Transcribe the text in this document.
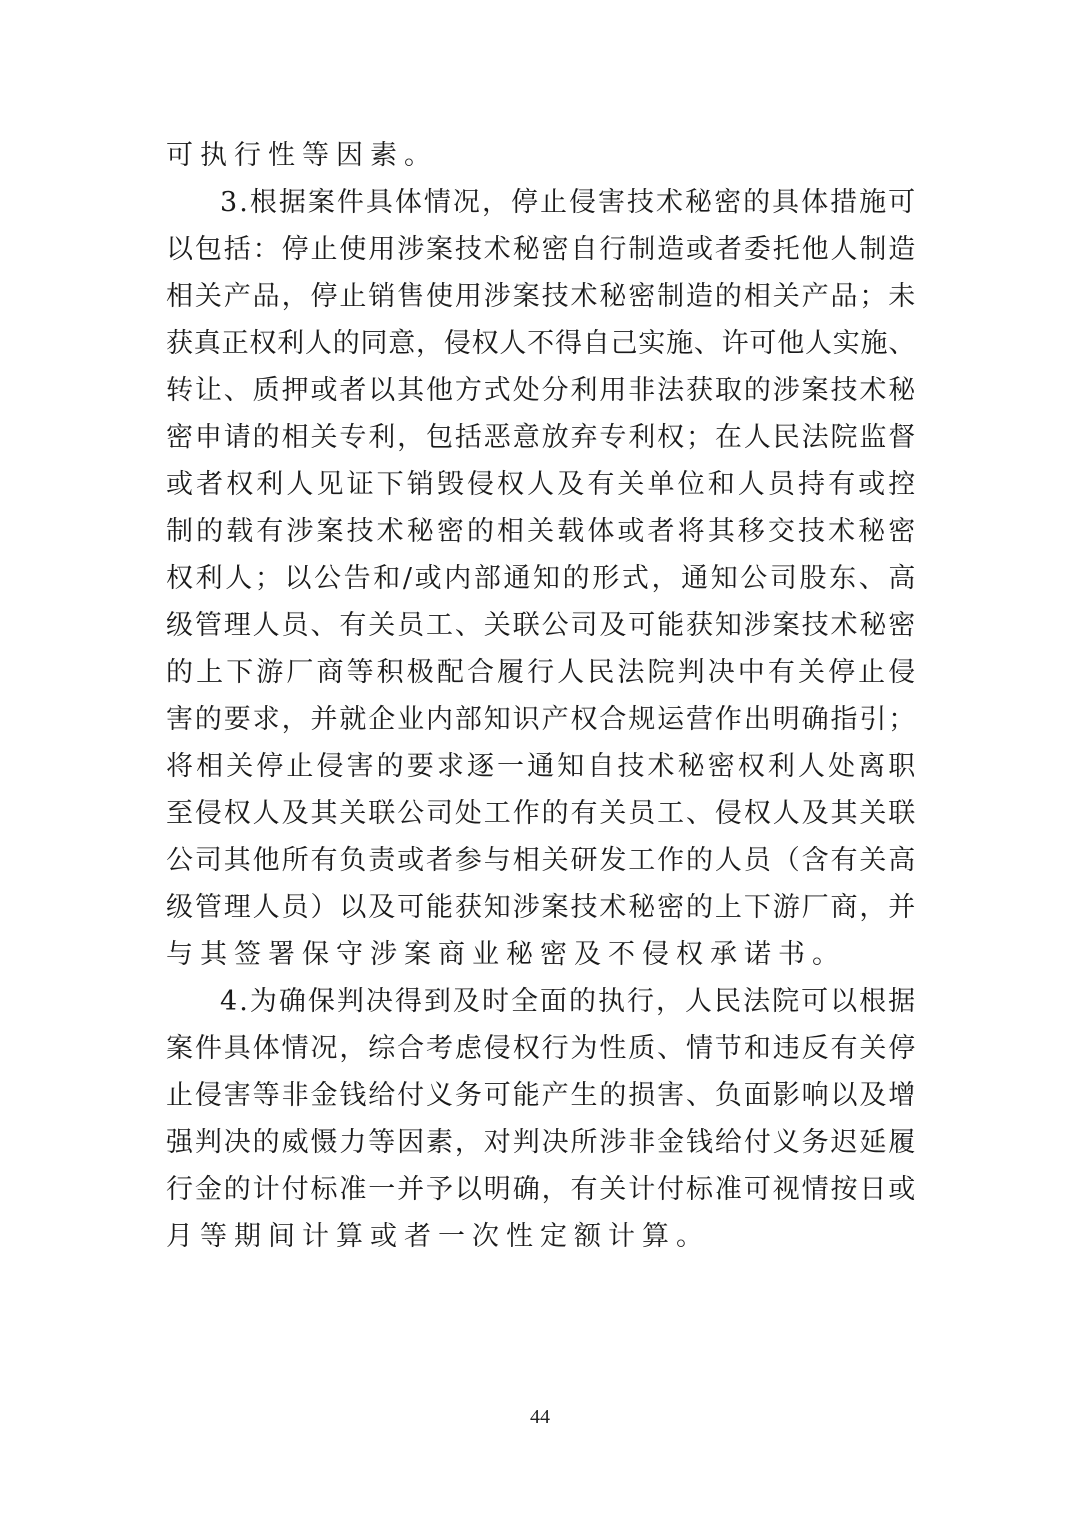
可执行性等因素。
3 . 根 据 案 件 具 体 情 况 ， 停 止 侵 害 技 术 秘 密 的 具 体 措 施 可
以 包 括 ： 停 止 使 用 涉 案 技 术 秘 密 自 行 制 造 或 者 委 托 他 人 制 造
相 关 产 品 ， 停 止 销 售 使 用 涉 案 技 术 秘 密 制 造 的 相 关 产 品 ； 未
获 真 正 权 利 人 的 同 意 ， 侵 权 人 不 得 自 己 实 施 、 许 可 他 人 实 施 、
转 让 、 质 押 或 者 以 其 他 方 式 处 分 利 用 非 法 获 取 的 涉 案 技 术 秘
密 申 请 的 相 关 专 利 ， 包 括 恶 意 放 弃 专 利 权 ； 在 人 民 法 院 监 督
或 者 权 利 人 见 证 下 销 毁 侵 权 人 及 有 关 单 位 和 人 员 持 有 或 控
制 的 载 有 涉 案 技 术 秘 密 的 相 关 载 体 或 者 将 其 移 交 技 术 秘 密
权 利 人 ； 以 公 告 和 / 或 内 部 通 知 的 形 式 ， 通 知 公 司 股 东 、 高
级 管 理 人 员 、 有 关 员 工 、 关 联 公 司 及 可 能 获 知 涉 案 技 术 秘 密
的 上 下 游 厂 商 等 积 极 配 合 履 行 人 民 法 院 判 决 中 有 关 停 止 侵
害 的 要 求 ， 并 就 企 业 内 部 知 识 产 权 合 规 运 营 作 出 明 确 指 引 ；
将 相 关 停 止 侵 害 的 要 求 逐 一 通 知 自 技 术 秘 密 权 利 人 处 离 职
至 侵 权 人 及 其 关 联 公 司 处 工 作 的 有 关 员 工 、 侵 权 人 及 其 关 联
公 司 其 他 所 有 负 责 或 者 参 与 相 关 研 发 工 作 的 人 员 （ 含 有 关 高
级 管 理 人 员 ） 以 及 可 能 获 知 涉 案 技 术 秘 密 的 上 下 游 厂 商 ， 并
与其签署保守涉案商业秘密及不侵权承诺书。
4 . 为 确 保 判 决 得 到 及 时 全 面 的 执 行 ， 人 民 法 院 可 以 根 据
案 件 具 体 情 况 ， 综 合 考 虑 侵 权 行 为 性 质 、 情 节 和 违 反 有 关 停
止 侵 害 等 非 金 钱 给 付 义 务 可 能 产 生 的 损 害 、 负 面 影 响 以 及 增
强 判 决 的 威 慑 力 等 因 素 ， 对 判 决 所 涉 非 金 钱 给 付 义 务 迟 延 履
行 金 的 计 付 标 准 一 并 予 以 明 确 ， 有 关 计 付 标 准 可 视 情 按 日 或
月等期间计算或者一次性定额计算。
44
